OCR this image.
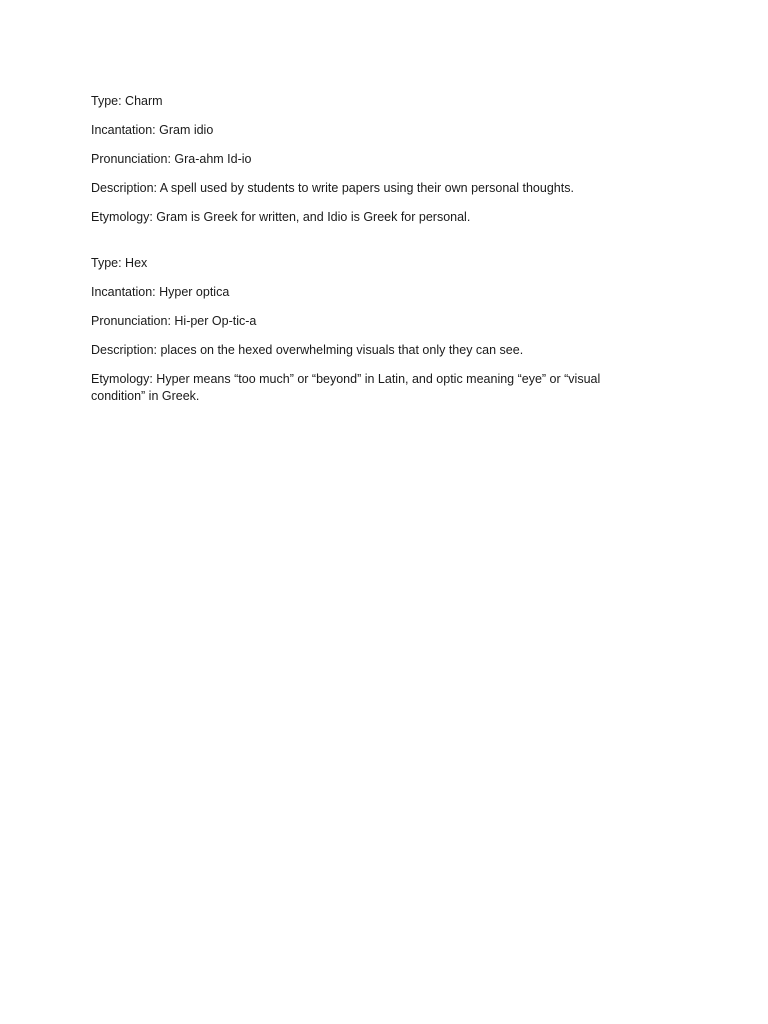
Type: Charm

Incantation: Gram idio

Pronunciation: Gra-ahm Id-io

Description: A spell used by students to write papers using their own personal thoughts.

Etymology: Gram is Greek for written, and Idio is Greek for personal.

Type: Hex

Incantation: Hyper optica

Pronunciation: Hi-per Op-tic-a

Description: places on the hexed overwhelming visuals that only they can see.

Etymology: Hyper means “too much” or “beyond” in Latin, and optic meaning “eye” or “visual condition” in Greek.
